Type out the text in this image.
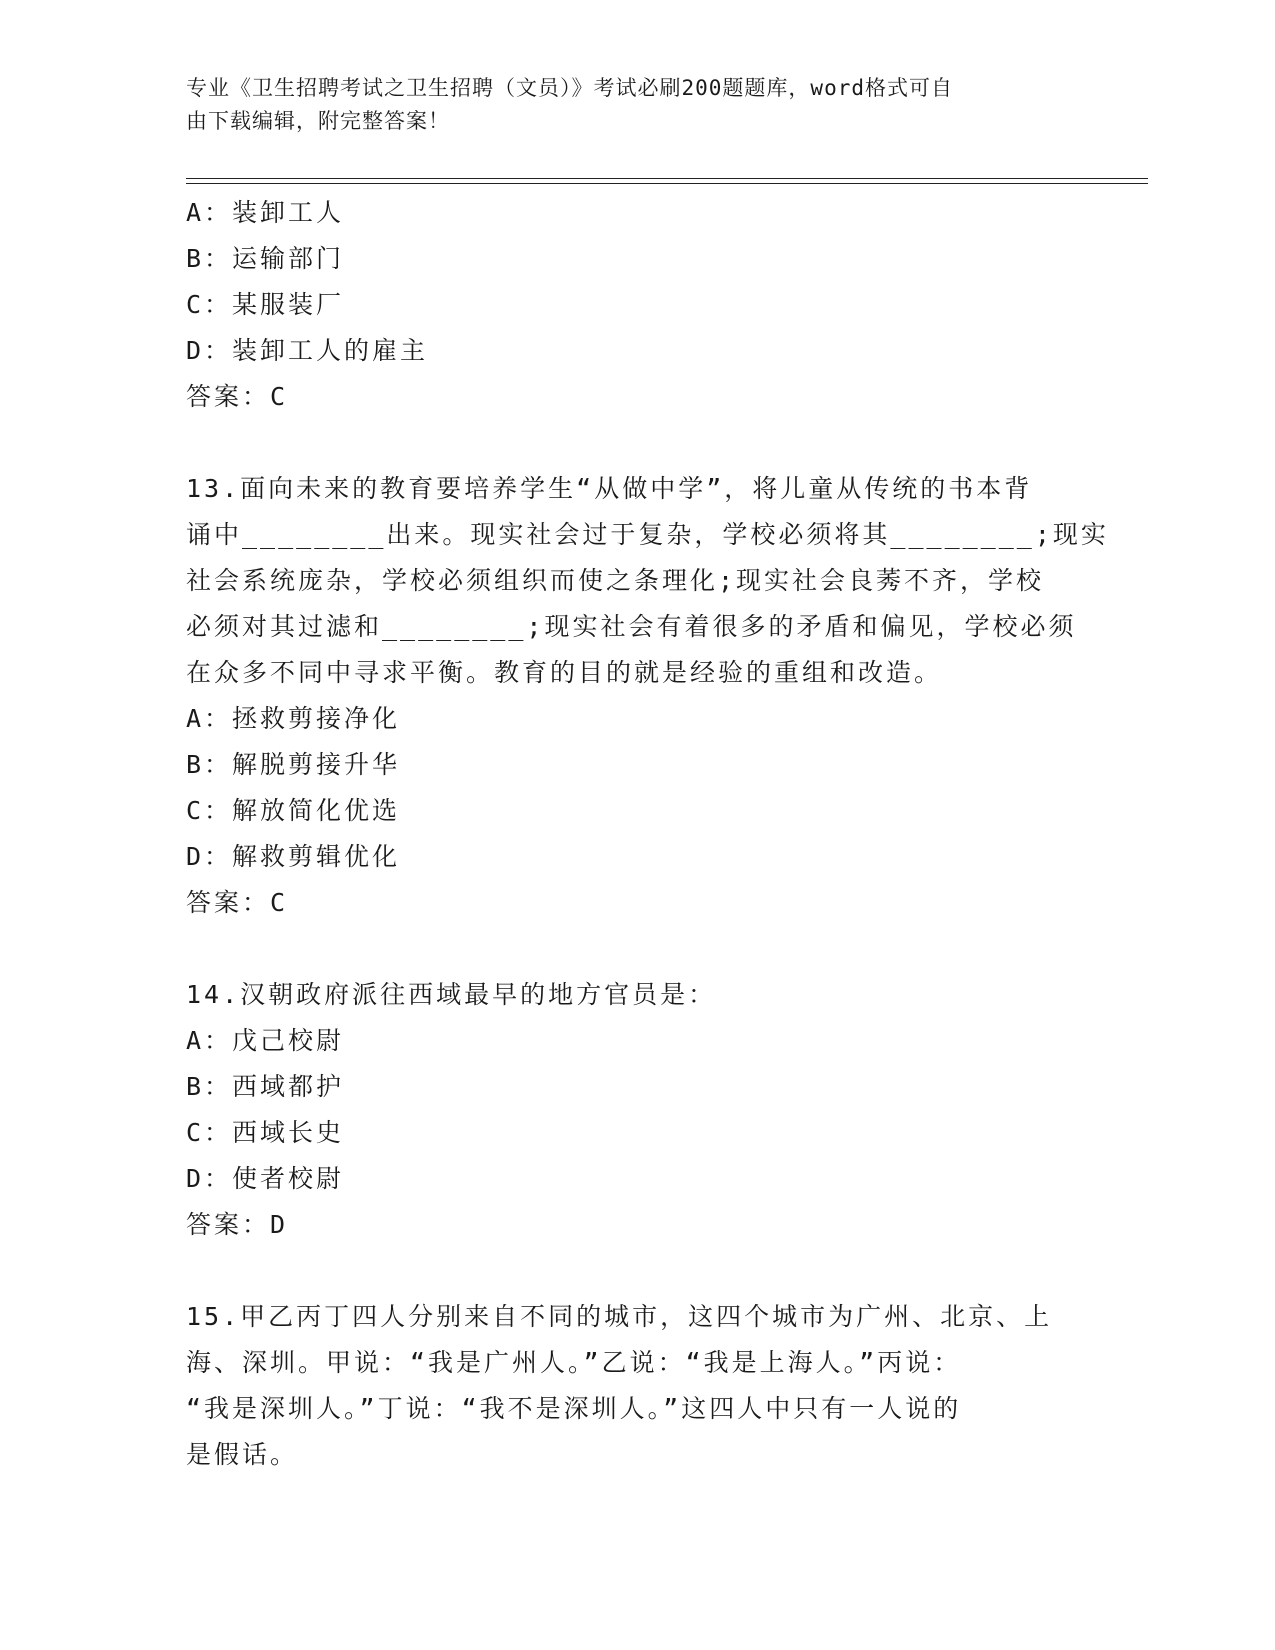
专业《卫生招聘考试之卫生招聘（文员）》考试必刷200题题库，word格式可自
由下载编辑，附完整答案！
A：装卸工人
B：运输部门
C：某服装厂
D：装卸工人的雇主
答案：C
13.面向未来的教育要培养学生“从做中学”，将儿童从传统的书本背
诵中________出来。现实社会过于复杂，学校必须将其________;现实
社会系统庞杂，学校必须组织而使之条理化;现实社会良莠不齐，学校
必须对其过滤和________;现实社会有着很多的矛盾和偏见，学校必须
在众多不同中寻求平衡。教育的目的就是经验的重组和改造。
A：拯救剪接净化
B：解脱剪接升华
C：解放简化优选
D：解救剪辑优化
答案：C
14.汉朝政府派往西域最早的地方官员是：
A：戊己校尉
B：西域都护
C：西域长史
D：使者校尉
答案：D
15.甲乙丙丁四人分别来自不同的城市，这四个城市为广州、北京、上
海、深圳。甲说：“我是广州人。”乙说：“我是上海人。”丙说：
“我是深圳人。”丁说：“我不是深圳人。”这四人中只有一人说的
是假话。
